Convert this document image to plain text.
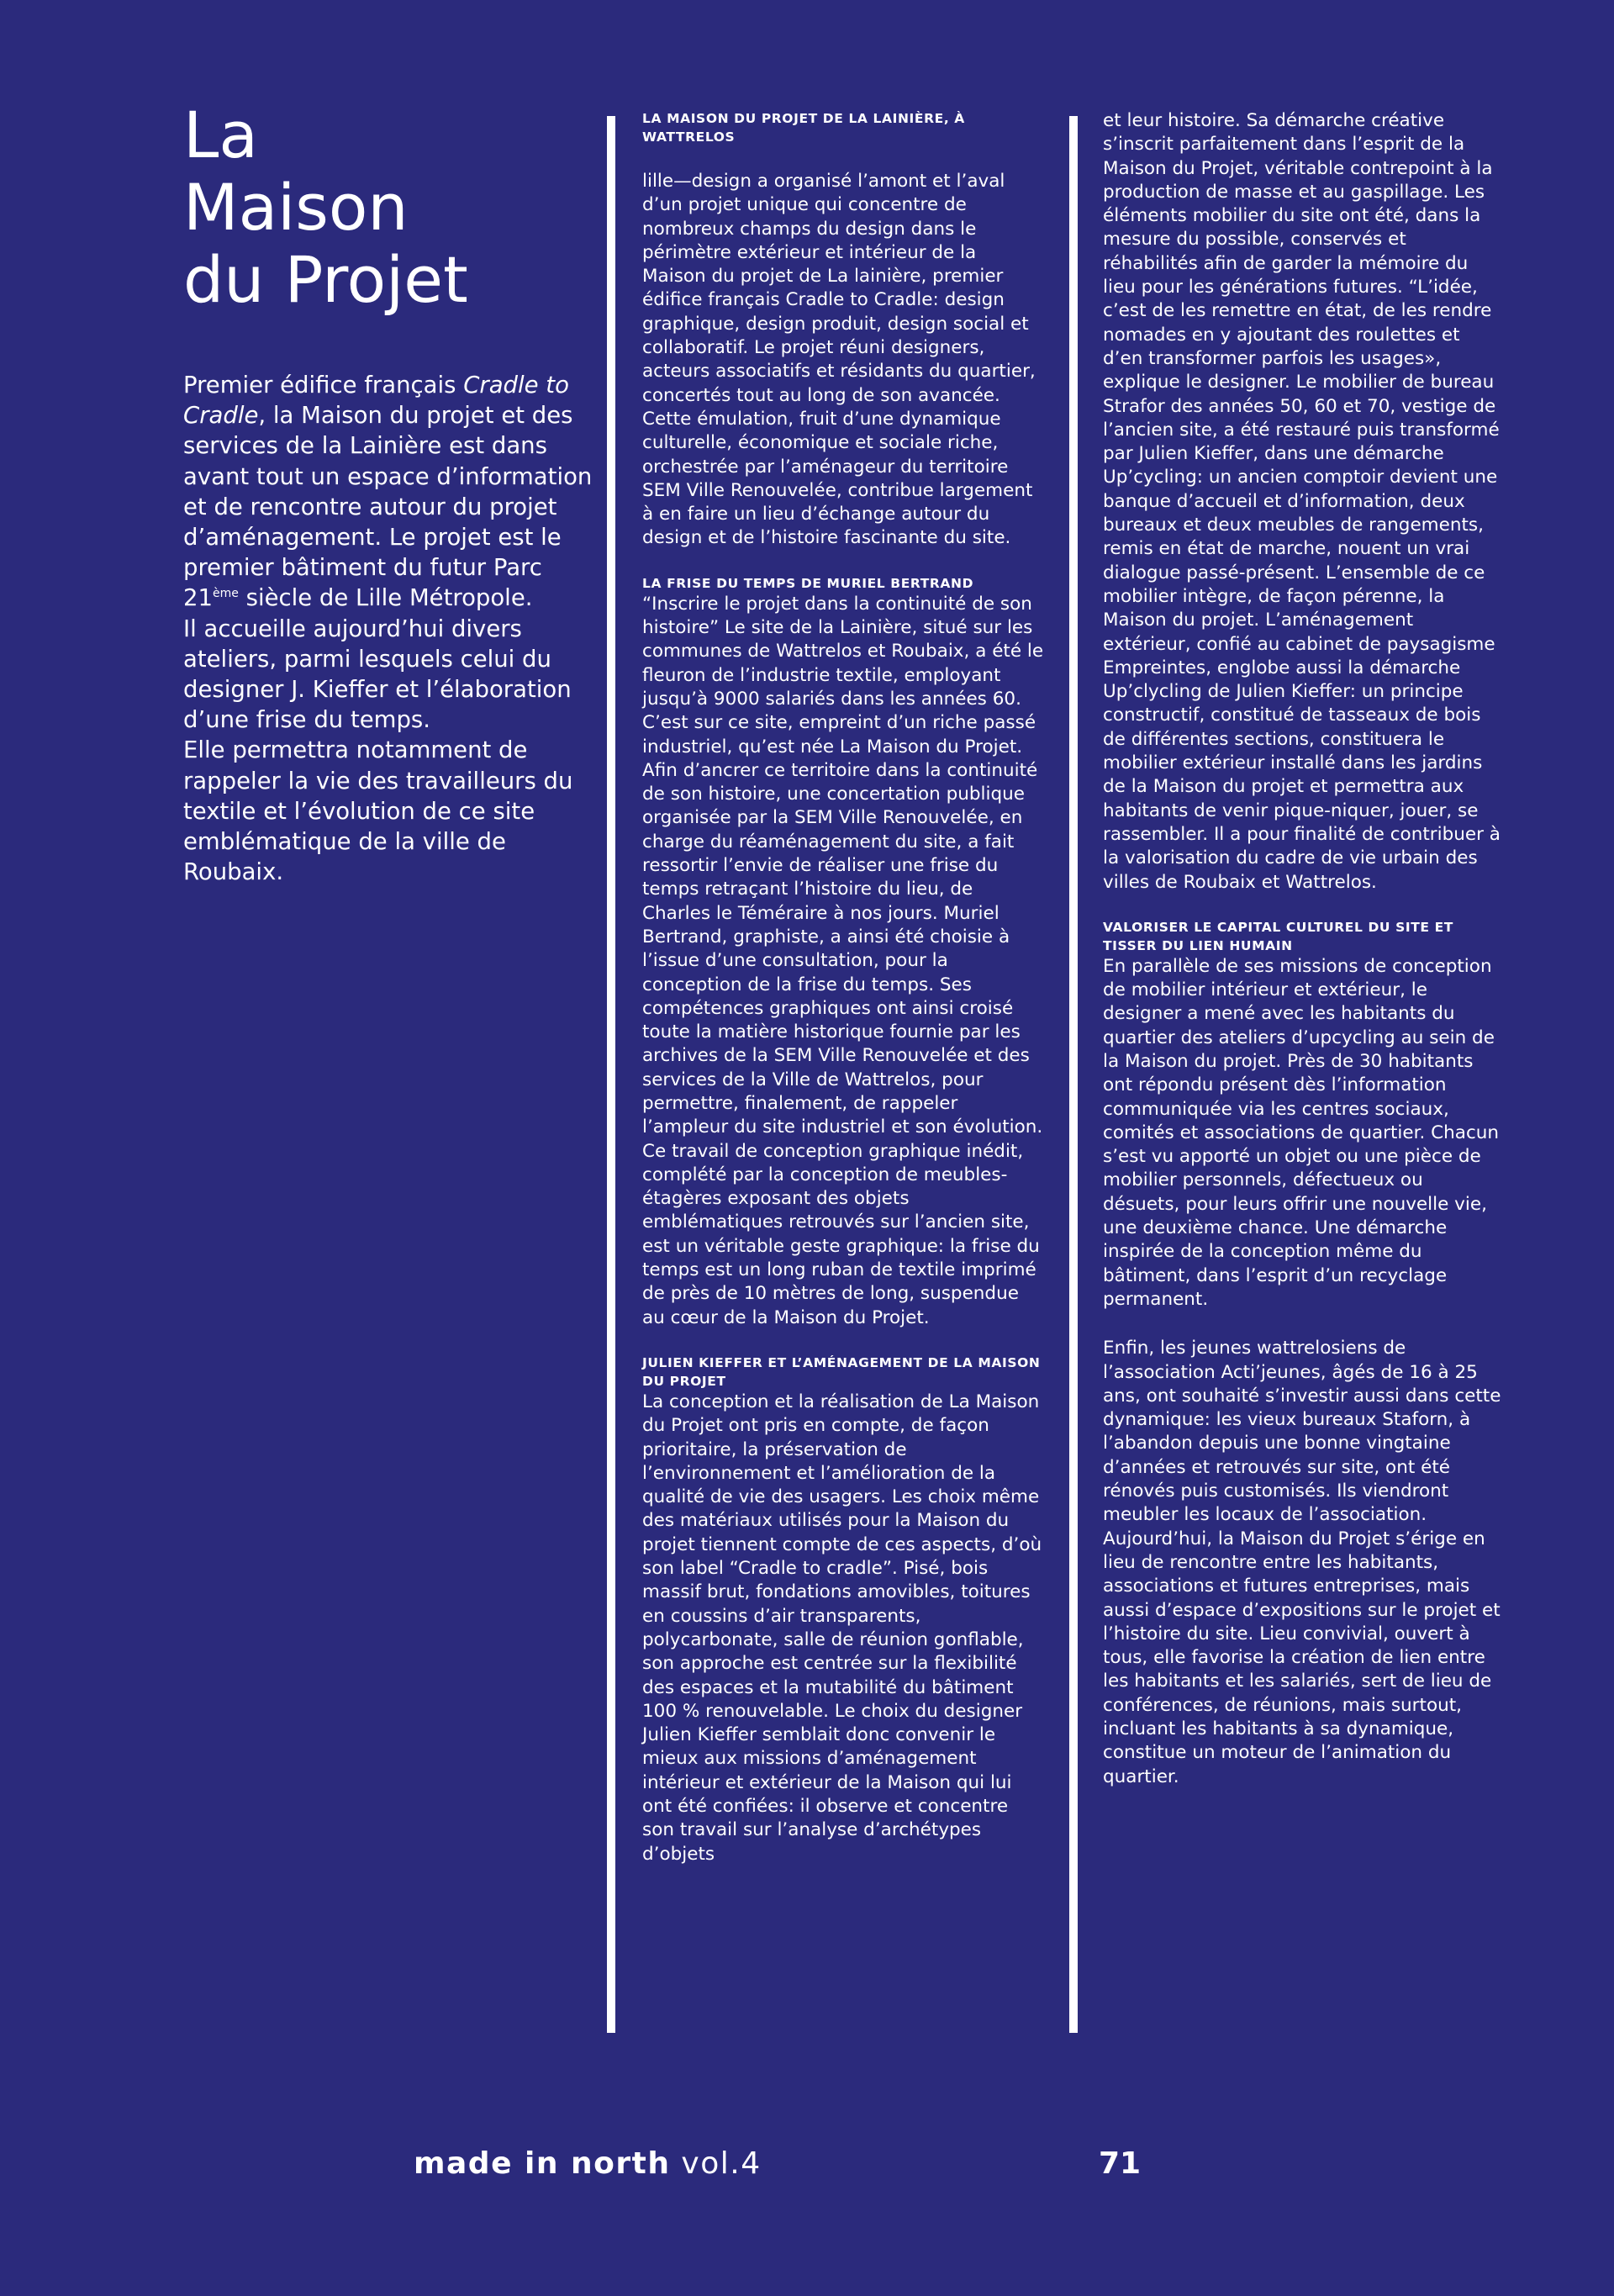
La
Maison
du Projet

Premier édifice français Cradle to Cradle, la Maison du projet et des services de la Lainière est dans avant tout un espace d’information et de rencontre autour du projet d’aménagement. Le projet est le premier bâtiment du futur Parc 21ème siècle de Lille Métropole.

Il accueille aujourd’hui divers ateliers, parmi lesquels celui du designer J. Kieffer et l’élaboration d’une frise du temps.

Elle permettra notamment de rappeler la vie des travailleurs du textile et l’évolution de ce site emblématique de la ville de Roubaix.

LA MAISON DU PROJET DE LA LAINIÈRE, À WATTRELOS

lille—design a organisé l’amont et l’aval d’un projet unique qui concentre de nombreux champs du design dans le périmètre extérieur et intérieur de la Maison du projet de La lainière, premier édifice français Cradle to Cradle: design graphique, design produit, design social et collaboratif. Le projet réuni designers, acteurs associatifs et résidants du quartier, concertés tout au long de son avancée. Cette émulation, fruit d’une dynamique culturelle, économique et sociale riche, orchestrée par l’aménageur du territoire SEM Ville Renouvelée, contribue largement à en faire un lieu d’échange autour du design et de l’histoire fascinante du site.

LA FRISE DU TEMPS DE MURIEL BERTRAND

“Inscrire le projet dans la continuité de son histoire” Le site de la Lainière, situé sur les communes de Wattrelos et Roubaix, a été le fleuron de l’industrie textile, employant jusqu’à 9000 salariés dans les années 60. C’est sur ce site, empreint d’un riche passé industriel, qu’est née La Maison du Projet. Afin d’ancrer ce territoire dans la continuité de son histoire, une concertation publique organisée par la SEM Ville Renouvelée, en charge du réaménagement du site, a fait ressortir l’envie de réaliser une frise du temps retraçant l’histoire du lieu, de Charles le Téméraire à nos jours. Muriel Bertrand, graphiste, a ainsi été choisie à l’issue d’une consultation, pour la conception de la frise du temps. Ses compétences graphiques ont ainsi croisé toute la matière historique fournie par les archives de la SEM Ville Renouvelée et des services de la Ville de Wattrelos, pour permettre, finalement, de rappeler l’ampleur du site industriel et son évolution. Ce travail de conception graphique inédit, complété par la conception de meubles-étagères exposant des objets emblématiques retrouvés sur l’ancien site, est un véritable geste graphique: la frise du temps est un long ruban de textile imprimé de près de 10 mètres de long, suspendue au cœur de la Maison du Projet.

JULIEN KIEFFER ET L’AMÉNAGEMENT DE LA MAISON DU PROJET

La conception et la réalisation de La Maison du Projet ont pris en compte, de façon prioritaire, la préservation de l’environnement et l’amélioration de la qualité de vie des usagers. Les choix même des matériaux utilisés pour la Maison du projet tiennent compte de ces aspects, d’où son label “Cradle to cradle”. Pisé, bois massif brut, fondations amovibles, toitures en coussins d’air transparents, polycarbonate, salle de réunion gonflable, son approche est centrée sur la flexibilité des espaces et la mutabilité du bâtiment 100 % renouvelable. Le choix du designer Julien Kieffer semblait donc convenir le mieux aux missions d’aménagement intérieur et extérieur de la Maison qui lui ont été confiées: il observe et concentre son travail sur l’analyse d’archétypes d’objets

et leur histoire. Sa démarche créative s’inscrit parfaitement dans l’esprit de la Maison du Projet, véritable contrepoint à la production de masse et au gaspillage. Les éléments mobilier du site ont été, dans la mesure du possible, conservés et réhabilités afin de garder la mémoire du lieu pour les générations futures. “L’idée, c’est de les remettre en état, de les rendre nomades en y ajoutant des roulettes et d’en transformer parfois les usages», explique le designer. Le mobilier de bureau Strafor des années 50, 60 et 70, vestige de l’ancien site, a été restauré puis transformé par Julien Kieffer, dans une démarche Up’cycling: un ancien comptoir devient une banque d’accueil et d’information, deux bureaux et deux meubles de rangements, remis en état de marche, nouent un vrai dialogue passé-présent. L’ensemble de ce mobilier intègre, de façon pérenne, la Maison du projet. L’aménagement extérieur, confié au cabinet de paysagisme Empreintes, englobe aussi la démarche Up’clycling de Julien Kieffer: un principe constructif, constitué de tasseaux de bois de différentes sections, constituera le mobilier extérieur installé dans les jardins de la Maison du projet et permettra aux habitants de venir pique-niquer, jouer, se rassembler. Il a pour finalité de contribuer à la valorisation du cadre de vie urbain des villes de Roubaix et Wattrelos.

VALORISER LE CAPITAL CULTUREL DU SITE ET TISSER DU LIEN HUMAIN

En parallèle de ses missions de conception de mobilier intérieur et extérieur, le designer a mené avec les habitants du quartier des ateliers d’upcycling au sein de la Maison du projet. Près de 30 habitants ont répondu présent dès l’information communiquée via les centres sociaux, comités et associations de quartier. Chacun s’est vu apporté un objet ou une pièce de mobilier personnels, défectueux ou désuets, pour leurs offrir une nouvelle vie, une deuxième chance. Une démarche inspirée de la conception même du bâtiment, dans l’esprit d’un recyclage permanent.

Enfin, les jeunes wattrelosiens de l’association Acti’jeunes, âgés de 16 à 25 ans, ont souhaité s’investir aussi dans cette dynamique: les vieux bureaux Staforn, à l’abandon depuis une bonne vingtaine d’années et retrouvés sur site, ont été rénovés puis customisés. Ils viendront meubler les locaux de l’association.

Aujourd’hui, la Maison du Projet s’érige en lieu de rencontre entre les habitants, associations et futures entreprises, mais aussi d’espace d’expositions sur le projet et l’histoire du site. Lieu convivial, ouvert à tous, elle favorise la création de lien entre les habitants et les salariés, sert de lieu de conférences, de réunions, mais surtout, incluant les habitants à sa dynamique, constitue un moteur de l’animation du quartier.

made in north vol.4	71
